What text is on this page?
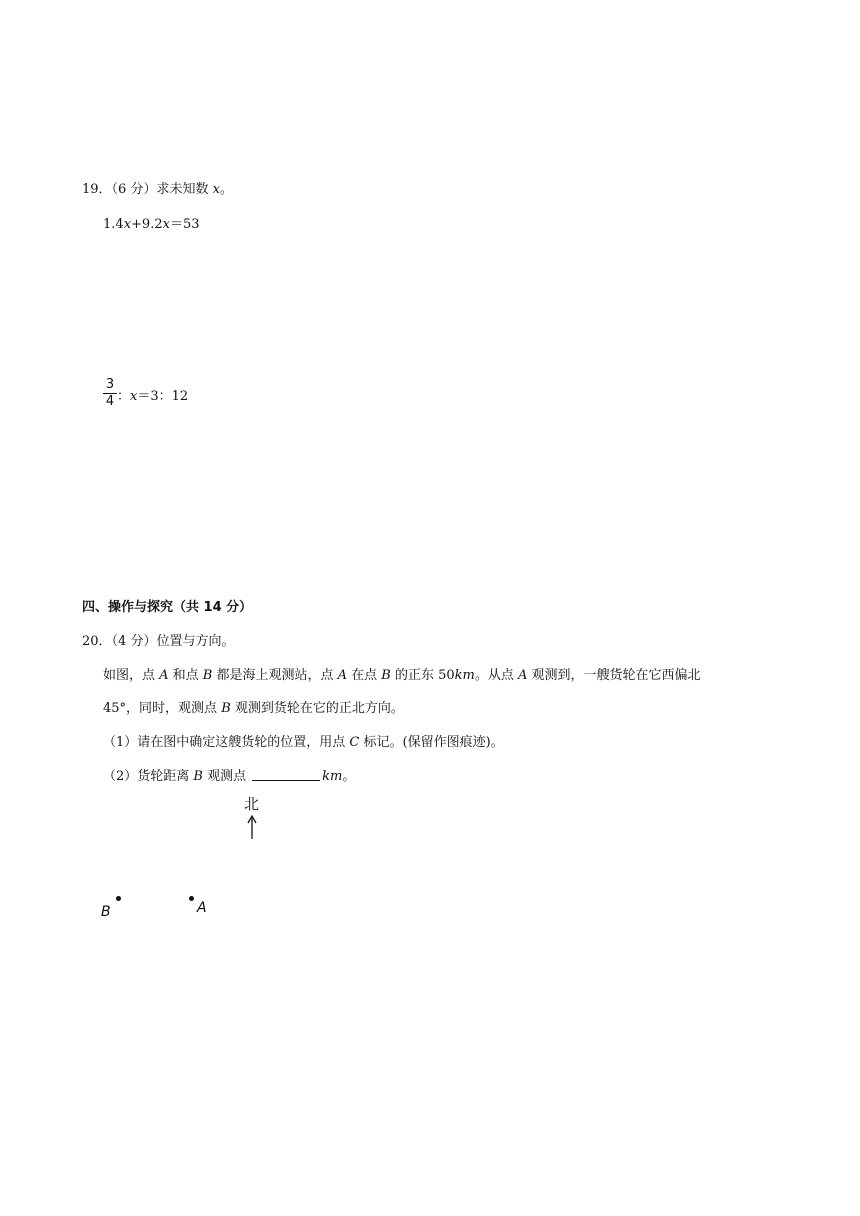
19．（6 分）求未知数 x。
1.4x+9.2x＝53
3
4 ：x＝3：12
四、操作与探究（共 14 分）
20．（4 分）位置与方向。
如图，点 A 和点 B 都是海上观测站，点 A 在点 B 的正东 50km。从点 A 观测到，一艘货轮在它西偏北
45°，同时，观测点 B 观测到货轮在它的正北方向。
（1）请在图中确定这艘货轮的位置，用点 C 标记。(保留作图痕迹)。
（2）货轮距离 B 观测点	km。
北
B	A
